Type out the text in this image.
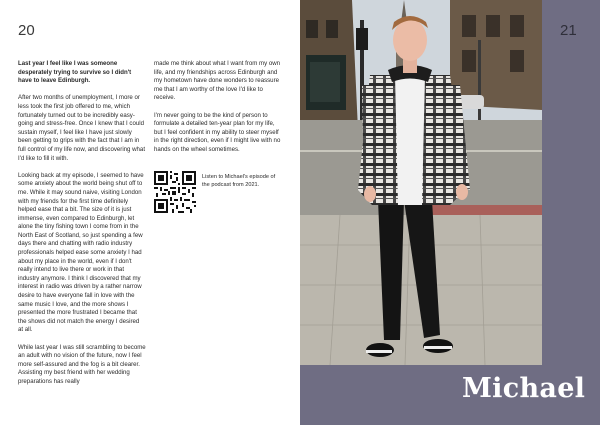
20

Last year I feel like I was someone desperately trying to survive so I didn't have to leave Edinburgh.

After two months of unemployment, I more or less took the first job offered to me, which fortunately turned out to be incredibly easy-going and stress-free. Once I knew that I could sustain myself, I feel like I have just slowly been getting to grips with the fact that I am in full control of my life now, and discovering what I'd like to fill it with.

Looking back at my episode, I seemed to have some anxiety about the world being shut off to me. While it may sound naive, visiting London with my friends for the first time definitely helped ease that a bit. The size of it is just immense, even compared to Edinburgh, let alone the tiny fishing town I come from in the North East of Scotland, so just spending a few days there and chatting with radio industry professionals helped ease some anxiety I had about my place in the world, even if I don't really intend to live there or work in that industry anymore. I think I discovered that my interest in radio was driven by a rather narrow desire to have everyone fall in love with the same music I love, and the more shows I presented the more frustrated I became that the shows did not match the energy I desired at all.

While last year I was still scrambling to become an adult with no vision of the future, now I feel more self-assured and the fog is a bit clearer. Assisting my best friend with her wedding preparations has really

made me think about what I want from my own life, and my friendships across Edinburgh and my hometown have done wonders to reassure me that I am worthy of the love I'd like to receive.

I'm never going to be the kind of person to formulate a detailed ten-year plan for my life, but I feel confident in my ability to steer myself in the right direction, even if I might live with no hands on the wheel sometimes.

Listen to Michael's episode of the podcast from 2021.
21
Michael
